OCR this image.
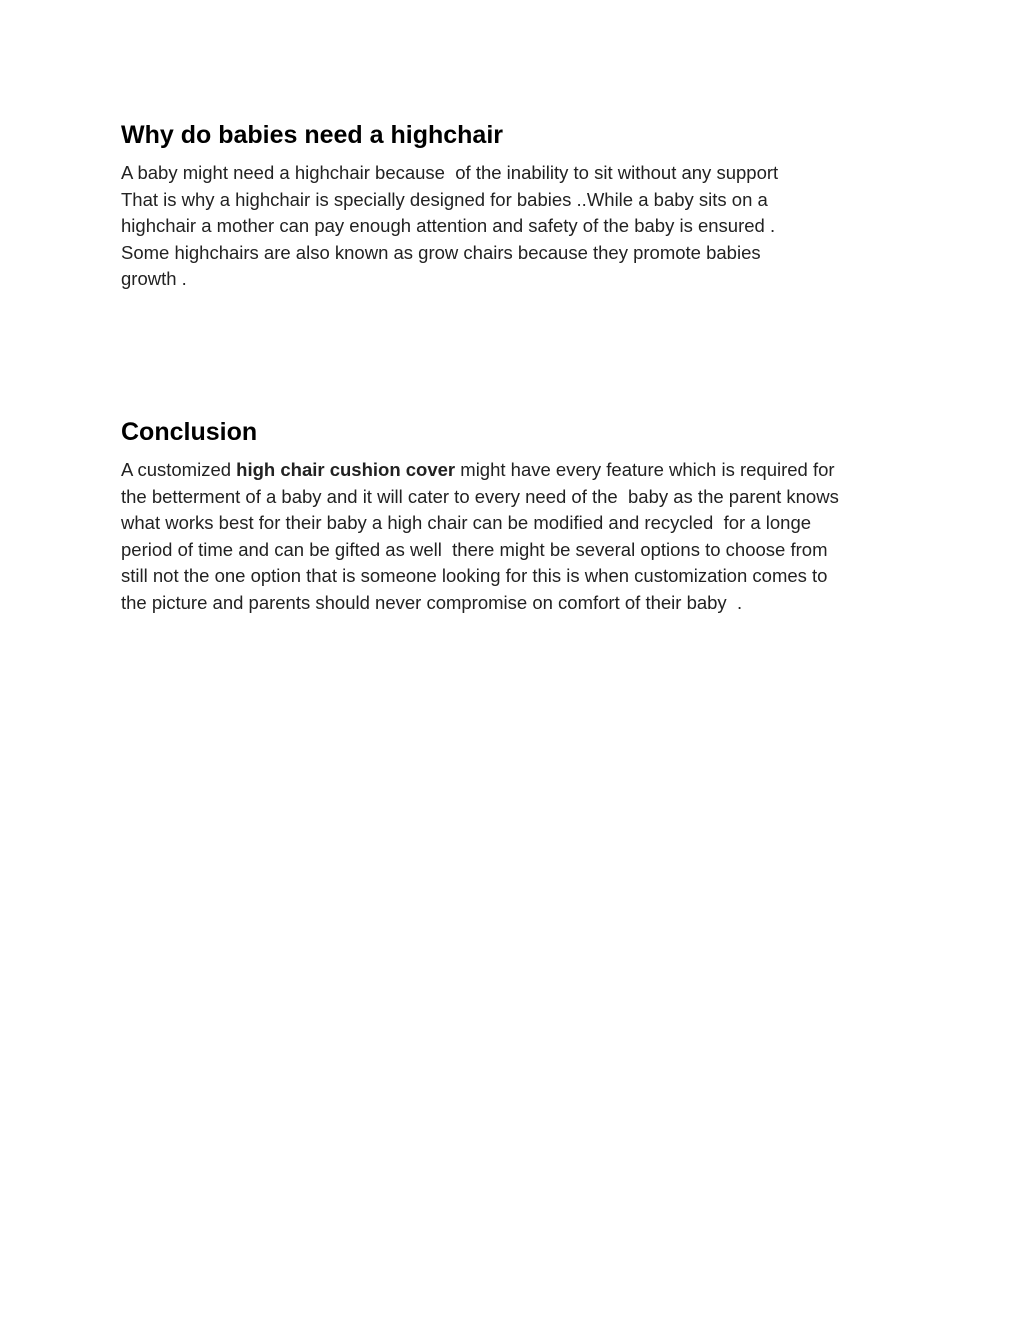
Why do babies need a highchair

A baby might need a highchair because  of the inability to sit without any support
That is why a highchair is specially designed for babies ..While a baby sits on a
highchair a mother can pay enough attention and safety of the baby is ensured .
Some highchairs are also known as grow chairs because they promote babies
growth .

Conclusion

A customized high chair cushion cover might have every feature which is required for
the betterment of a baby and it will cater to every need of the  baby as the parent knows
what works best for their baby a high chair can be modified and recycled  for a longe
period of time and can be gifted as well  there might be several options to choose from
still not the one option that is someone looking for this is when customization comes to
the picture and parents should never compromise on comfort of their baby  .
